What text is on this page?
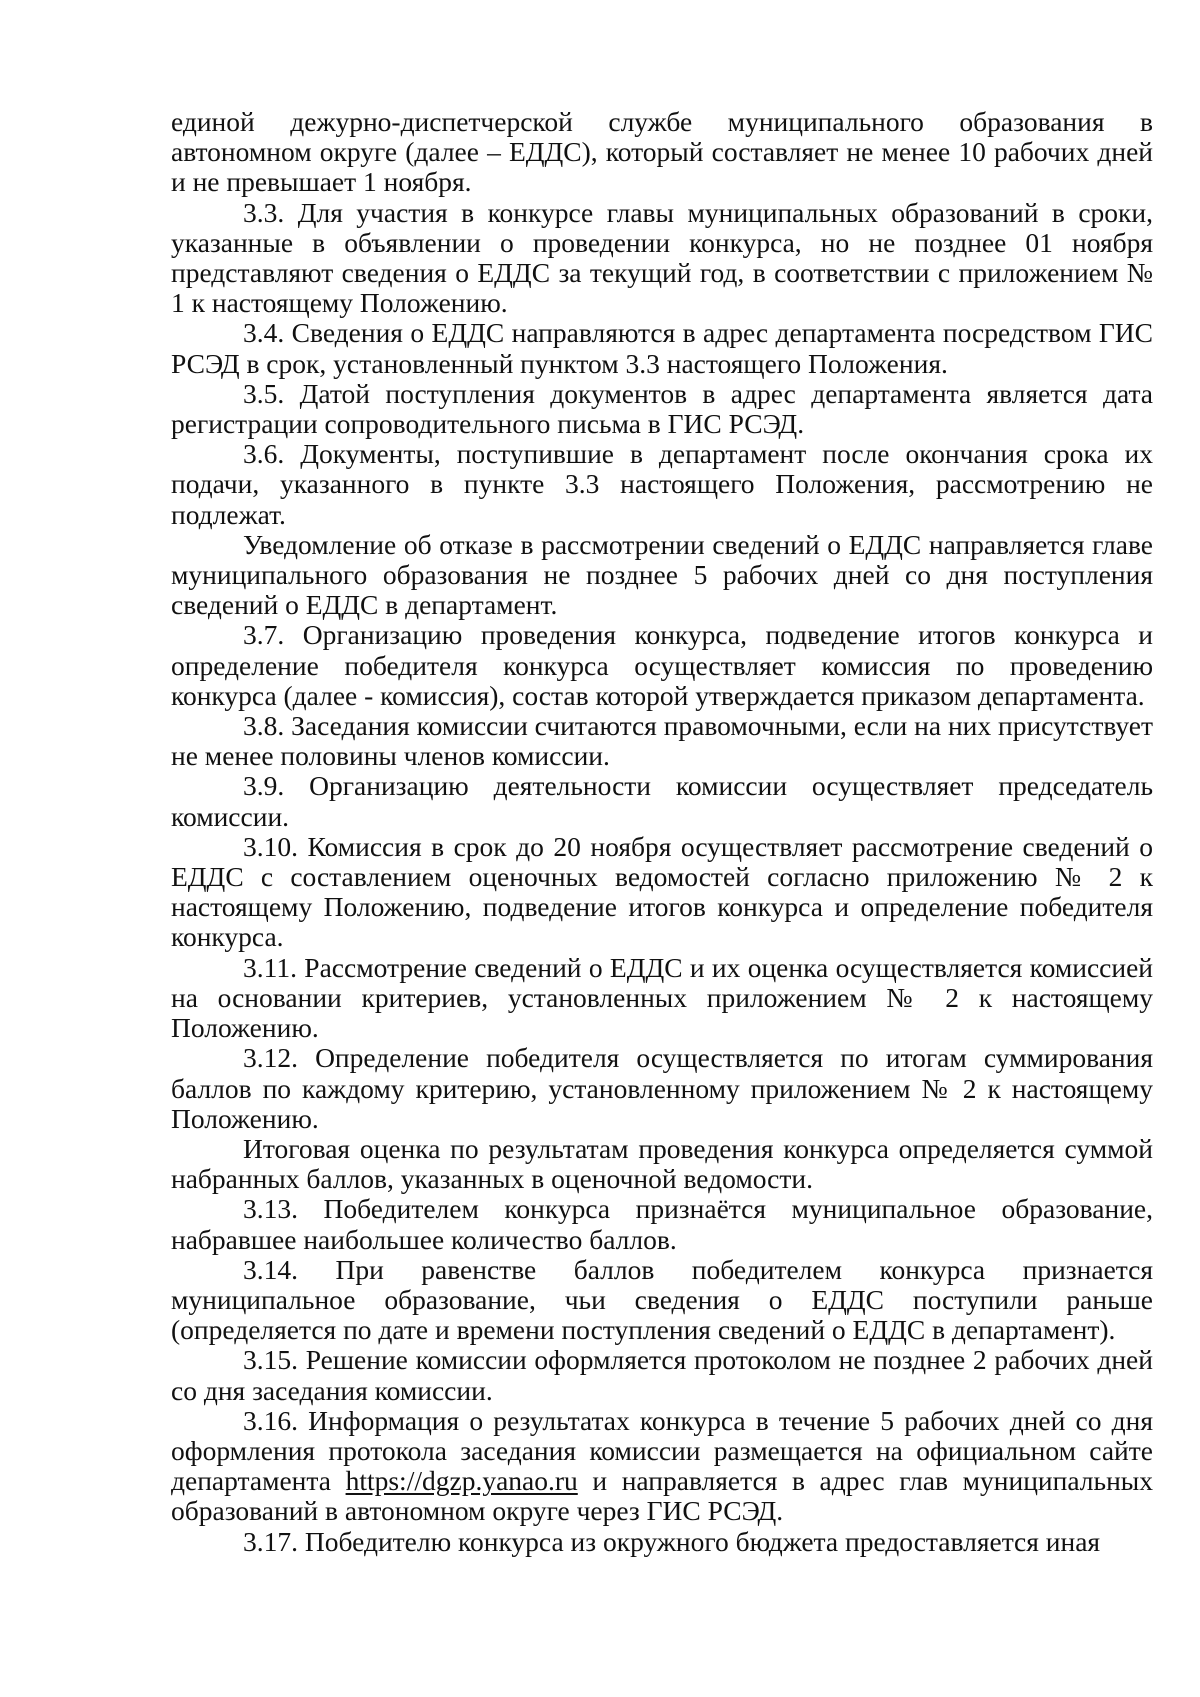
единой дежурно-диспетчерской службе муниципального образования в автономном округе (далее – ЕДДС), который составляет не менее 10 рабочих дней и не превышает 1 ноября.

3.3. Для участия в конкурсе главы муниципальных образований в сроки, указанные в объявлении о проведении конкурса, но не позднее 01 ноября представляют сведения о ЕДДС за текущий год, в соответствии с приложением № 1 к настоящему Положению.

3.4. Сведения о ЕДДС направляются в адрес департамента посредством ГИС РСЭД в срок, установленный пунктом 3.3 настоящего Положения.

3.5. Датой поступления документов в адрес департамента является дата регистрации сопроводительного письма в ГИС РСЭД.

3.6. Документы, поступившие в департамент после окончания срока их подачи, указанного в пункте 3.3 настоящего Положения, рассмотрению не подлежат.

Уведомление об отказе в рассмотрении сведений о ЕДДС направляется главе муниципального образования не позднее 5 рабочих дней со дня поступления сведений о ЕДДС в департамент.

3.7. Организацию проведения конкурса, подведение итогов конкурса и определение победителя конкурса осуществляет комиссия по проведению конкурса (далее - комиссия), состав которой утверждается приказом департамента.

3.8. Заседания комиссии считаются правомочными, если на них присутствует не менее половины членов комиссии.

3.9. Организацию деятельности комиссии осуществляет председатель комиссии.

3.10. Комиссия в срок до 20 ноября осуществляет рассмотрение сведений о ЕДДС с составлением оценочных ведомостей согласно приложению № 2 к настоящему Положению, подведение итогов конкурса и определение победителя конкурса.

3.11. Рассмотрение сведений о ЕДДС и их оценка осуществляется комиссией на основании критериев, установленных приложением № 2 к настоящему Положению.

3.12. Определение победителя осуществляется по итогам суммирования баллов по каждому критерию, установленному приложением № 2 к настоящему Положению.

Итоговая оценка по результатам проведения конкурса определяется суммой набранных баллов, указанных в оценочной ведомости.

3.13. Победителем конкурса признаётся муниципальное образование, набравшее наибольшее количество баллов.

3.14. При равенстве баллов победителем конкурса признается муниципальное образование, чьи сведения о ЕДДС поступили раньше (определяется по дате и времени поступления сведений о ЕДДС в департамент).

3.15. Решение комиссии оформляется протоколом не позднее 2 рабочих дней со дня заседания комиссии.

3.16. Информация о результатах конкурса в течение 5 рабочих дней со дня оформления протокола заседания комиссии размещается на официальном сайте департамента https://dgzp.yanao.ru и направляется в адрес глав муниципальных образований в автономном округе через ГИС РСЭД.

3.17. Победителю конкурса из окружного бюджета предоставляется иная
